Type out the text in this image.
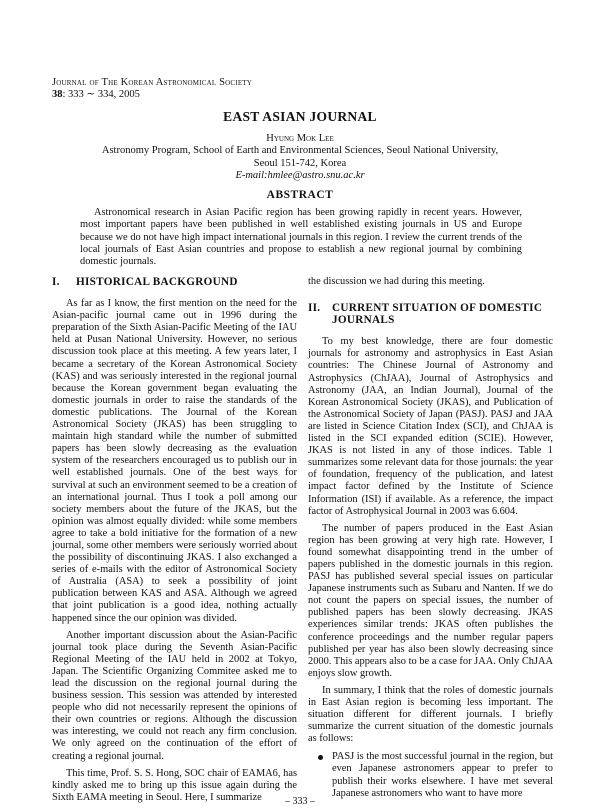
Journal of The Korean Astronomical Society
38: 333 ∼ 334, 2005
EAST ASIAN JOURNAL
Hyung Mok Lee
Astronomy Program, School of Earth and Environmental Sciences, Seoul National University,
Seoul 151-742, Korea
E-mail:hmlee@astro.snu.ac.kr
ABSTRACT

Astronomical research in Asian Pacific region has been growing rapidly in recent years. However, most important papers have been published in well established existing journals in US and Europe because we do not have high impact international journals in this region. I review the current trends of the local journals of East Asian countries and propose to establish a new regional journal by combining domestic journals.

I.	HISTORICAL BACKGROUND

As far as I know, the first mention on the need for the Asian-pacific journal came out in 1996 during the preparation of the Sixth Asian-Pacific Meeting of the IAU held at Pusan National University. However, no serious discussion took place at this meeting. A few years later, I became a secretary of the Korean Astronomical Society (KAS) and was seriously interested in the regional journal because the Korean government began evaluating the domestic journals in order to raise the standards of the domestic publications. The Journal of the Korean Astronomical Society (JKAS) has been struggling to maintain high standard while the number of submitted papers has been slowly decreasing as the evaluation system of the researchers encouraged us to publish our in well established journals. One of the best ways for survival at such an environment seemed to be a creation of an international journal. Thus I took a poll among our society members about the future of the JKAS, but the opinion was almost equally divided: while some members agree to take a bold initiative for the formation of a new journal, some other members were seriously worried about the possibility of discontinuing JKAS. I also exchanged a series of e-mails with the editor of Astronomical Society of Australia (ASA) to seek a possibility of joint publication between KAS and ASA. Although we agreed that joint publication is a good idea, nothing actually happened since the our opinion was divided.

Another important discussion about the Asian-Pacific journal took place during the Seventh Asian-Pacific Regional Meeting of the IAU held in 2002 at Tokyo, Japan. The Scientific Organizing Commitee asked me to lead the discussion on the regional journal during the business session. This session was attended by interested people who did not necessarily represent the opinions of their own countries or regions. Although the discussion was interesting, we could not reach any firm conclusion. We only agreed on the continuation of the effort of creating a regional journal.

This time, Prof. S. S. Hong, SOC chair of EAMA6, has kindly asked me to bring up this issue again during the Sixth EAMA meeting in Seoul. Here, I summarize

the discussion we had during this meeting.

II.	CURRENT SITUATION OF DOMESTIC JOURNALS

To my best knowledge, there are four domestic journals for astronomy and astrophysics in East Asian countries: The Chinese Journal of Astronomy and Astrophysics (ChJAA), Journal of Astrophysics and Astronomy (JAA, an Indian Journal), Journal of the Korean Astronomical Society (JKAS), and Publication of the Astronomical Society of Japan (PASJ). PASJ and JAA are listed in Science Citation Index (SCI), and ChJAA is listed in the SCI expanded edition (SCIE). However, JKAS is not listed in any of those indices. Table 1 summarizes some relevant data for those journals: the year of foundation, frequency of the publication, and latest impact factor defined by the Institute of Science Information (ISI) if available. As a reference, the impact factor of Astrophysical Journal in 2003 was 6.604.

The number of papers produced in the East Asian region has been growing at very high rate. However, I found somewhat disappointing trend in the umber of papers published in the domestic journals in this region. PASJ has published several special issues on particular Japanese instruments such as Subaru and Nanten. If we do not count the papers on special issues, the number of published papers has been slowly decreasing. JKAS experiences similar trends: JKAS often publishes the conference proceedings and the number regular papers published per year has also been slowly decreasing since 2000. This appears also to be a case for JAA. Only ChJAA enjoys slow growth.

In summary, I think that the roles of domestic journals in East Asian region is becoming less important. The situation different for different journals. I briefly summarize the current situation of the domestic journals as follows:

PASJ is the most successful journal in the region, but even Japanese astronomers appear to prefer to publish their works elsewhere. I have met several Japanese astronomers who want to have more
– 333 –
